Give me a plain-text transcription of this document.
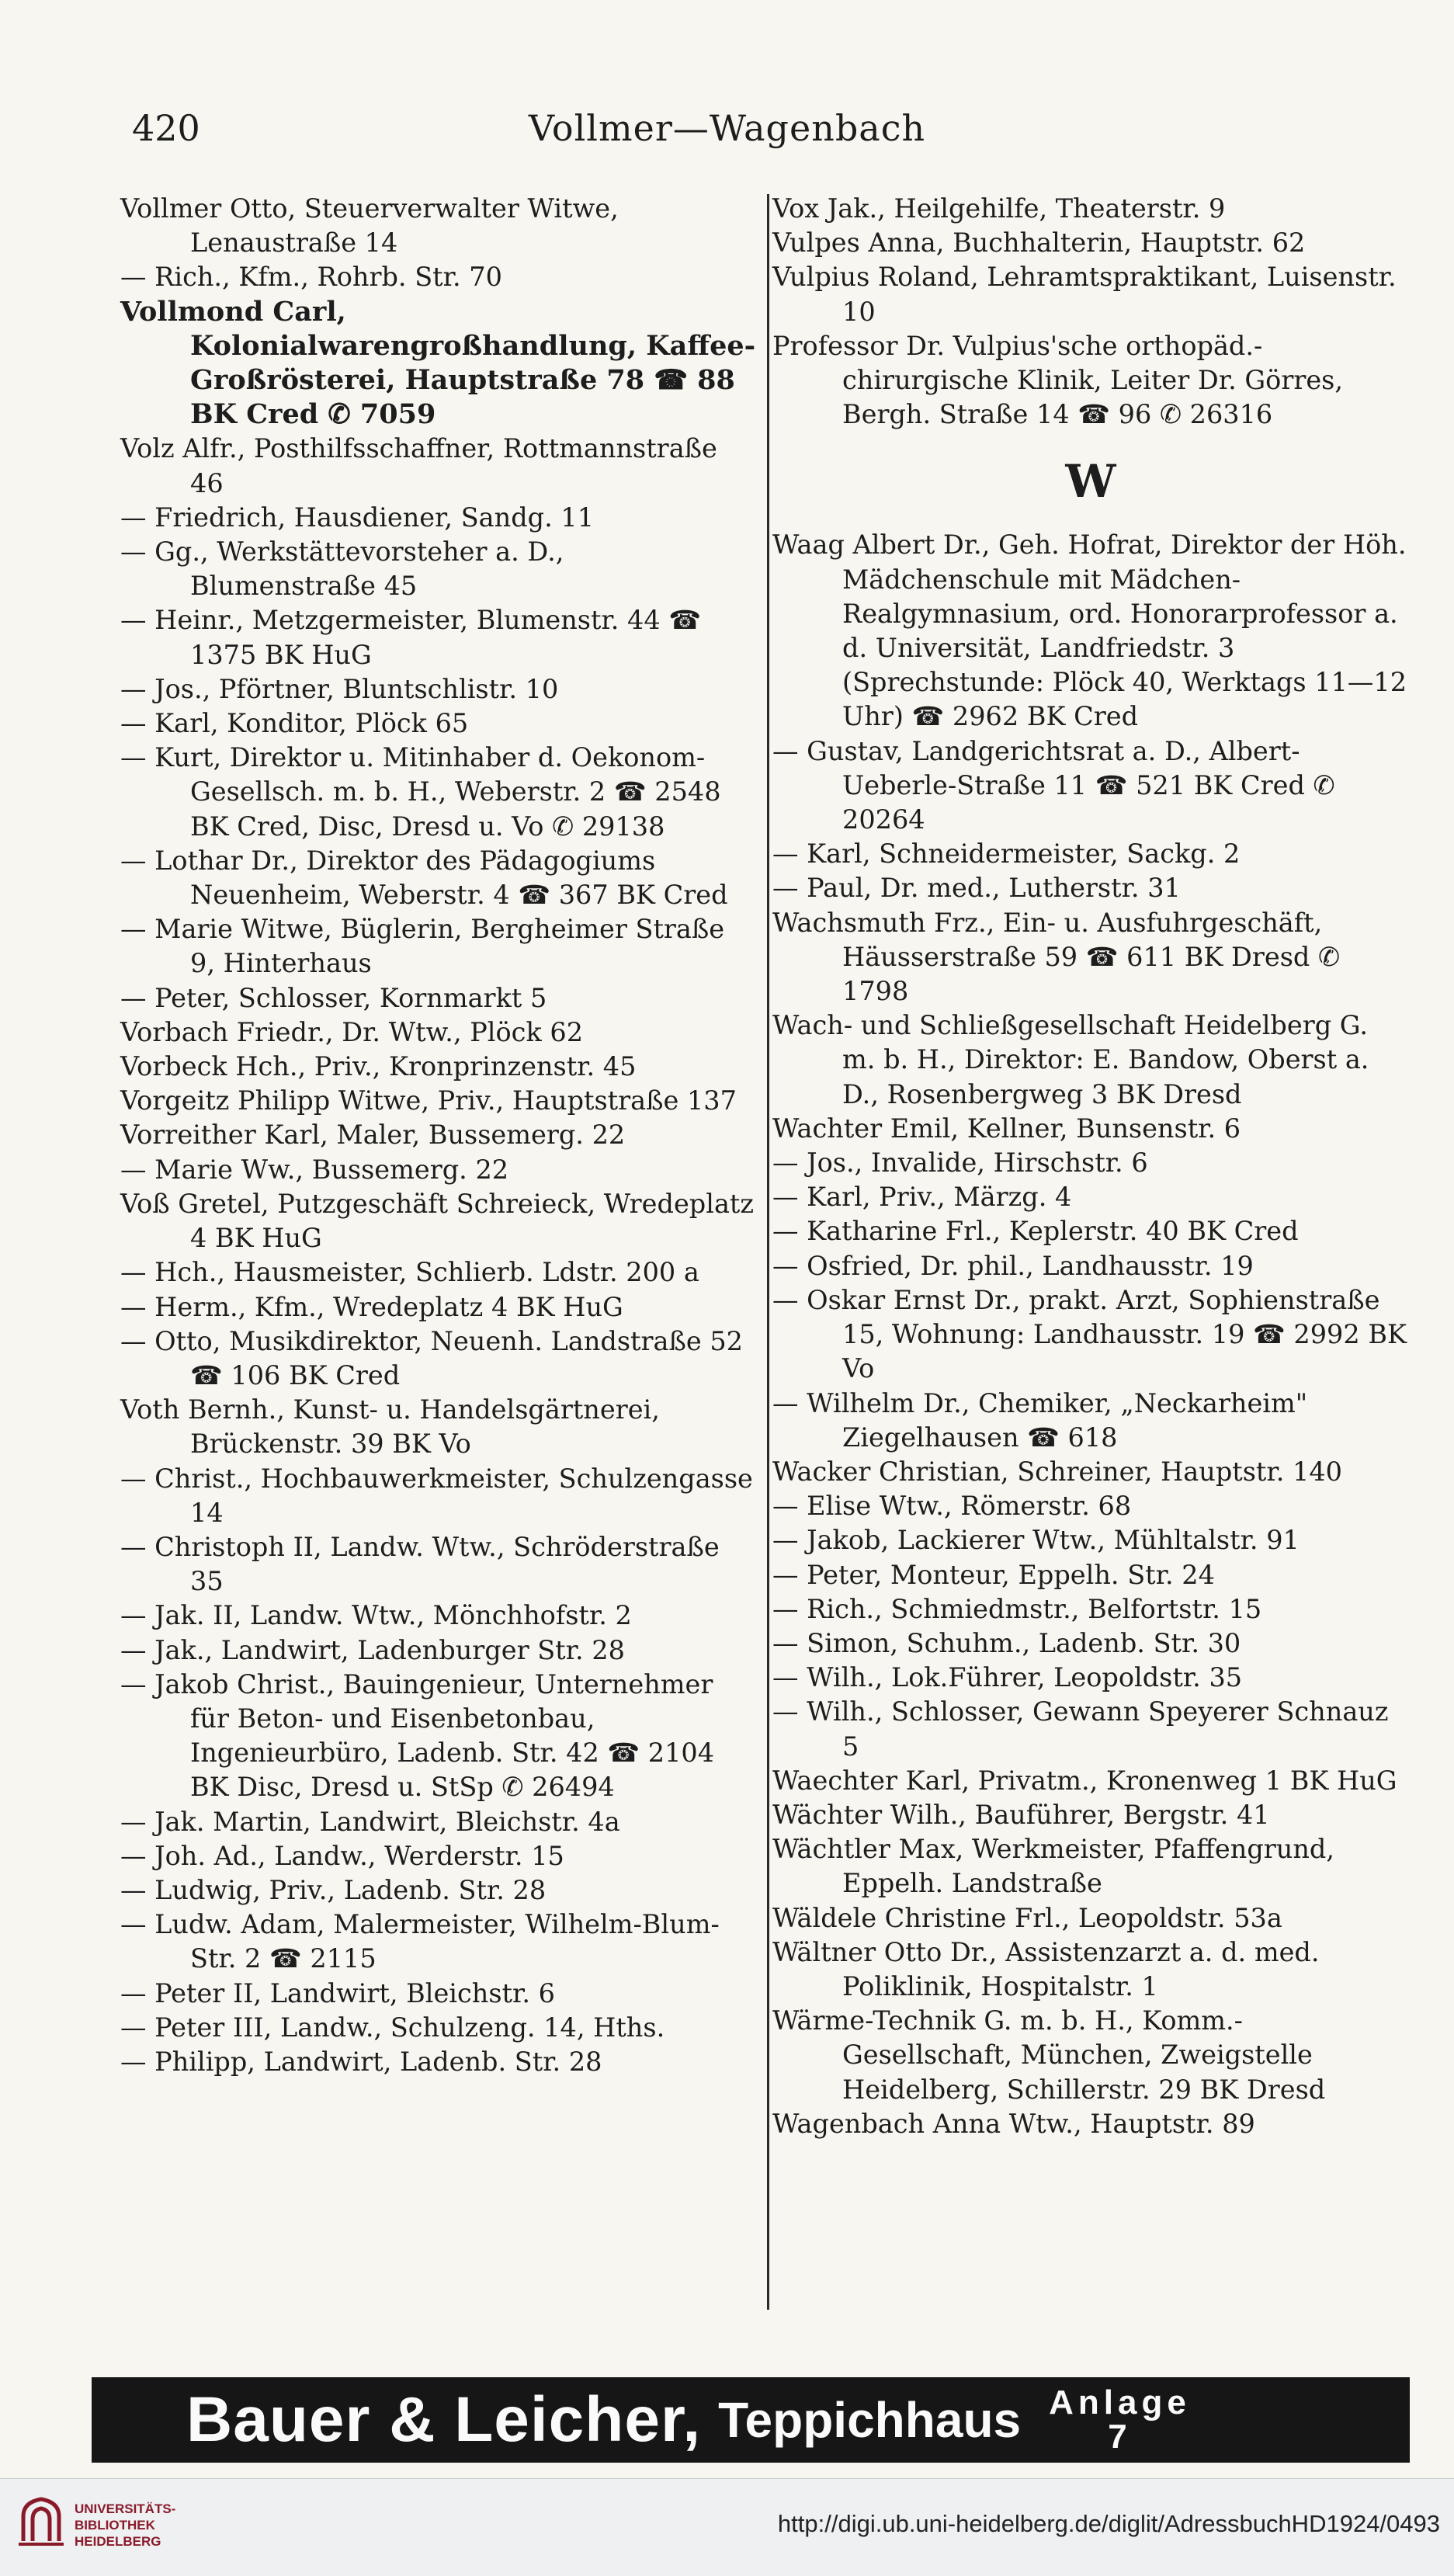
420	Vollmer—Wagenbach
Vollmer Otto, Steuerverwalter Witwe, Lenaustraße 14
— Rich., Kfm., Rohrb. Str. 70
Vollmond Carl, Kolonialwarengroßhandlung, Kaffee-Großrösterei, Hauptstraße 78 ☎ 88 BK Cred ✆ 7059
Volz Alfr., Posthilfsschaffner, Rottmannstraße 46
— Friedrich, Hausdiener, Sandg. 11
— Gg., Werkstättevorsteher a. D., Blumenstraße 45
— Heinr., Metzgermeister, Blumenstr. 44 ☎ 1375 BK HuG
— Jos., Pförtner, Bluntschlistr. 10
— Karl, Konditor, Plöck 65
— Kurt, Direktor u. Mitinhaber d. Oekonom-Gesellsch. m. b. H., Weberstr. 2 ☎ 2548 BK Cred, Disc, Dresd u. Vo ✆ 29138
— Lothar Dr., Direktor des Pädagogiums Neuenheim, Weberstr. 4 ☎ 367 BK Cred
— Marie Witwe, Büglerin, Bergheimer Straße 9, Hinterhaus
— Peter, Schlosser, Kornmarkt 5
Vorbach Friedr., Dr. Wtw., Plöck 62
Vorbeck Hch., Priv., Kronprinzenstr. 45
Vorgeitz Philipp Witwe, Priv., Hauptstraße 137
Vorreither Karl, Maler, Bussemerg. 22
— Marie Ww., Bussemerg. 22
Voß Gretel, Putzgeschäft Schreieck, Wredeplatz 4 BK HuG
— Hch., Hausmeister, Schlierb. Ldstr. 200 a
— Herm., Kfm., Wredeplatz 4 BK HuG
— Otto, Musikdirektor, Neuenh. Landstraße 52 ☎ 106 BK Cred
Voth Bernh., Kunst- u. Handelsgärtnerei, Brückenstr. 39 BK Vo
— Christ., Hochbauwerkmeister, Schulzengasse 14
— Christoph II, Landw. Wtw., Schröderstraße 35
— Jak. II, Landw. Wtw., Mönchhofstr. 2
— Jak., Landwirt, Ladenburger Str. 28
— Jakob Christ., Bauingenieur, Unternehmer für Beton- und Eisenbetonbau, Ingenieurbüro, Ladenb. Str. 42 ☎ 2104 BK Disc, Dresd u. StSp ✆ 26494
— Jak. Martin, Landwirt, Bleichstr. 4a
— Joh. Ad., Landw., Werderstr. 15
— Ludwig, Priv., Ladenb. Str. 28
— Ludw. Adam, Malermeister, Wilhelm-Blum-Str. 2 ☎ 2115
— Peter II, Landwirt, Bleichstr. 6
— Peter III, Landw., Schulzeng. 14, Hths.
— Philipp, Landwirt, Ladenb. Str. 28
Vox Jak., Heilgehilfe, Theaterstr. 9
Vulpes Anna, Buchhalterin, Hauptstr. 62
Vulpius Roland, Lehramtspraktikant, Luisenstr. 10
Professor Dr. Vulpius'sche orthopäd.-chirurgische Klinik, Leiter Dr. Görres, Bergh. Straße 14 ☎ 96 ✆ 26316
W
Waag Albert Dr., Geh. Hofrat, Direktor der Höh. Mädchenschule mit Mädchen-Realgymnasium, ord. Honorarprofessor a. d. Universität, Landfriedstr. 3 (Sprechstunde: Plöck 40, Werktags 11—12 Uhr) ☎ 2962 BK Cred
— Gustav, Landgerichtsrat a. D., Albert-Ueberle-Straße 11 ☎ 521 BK Cred ✆ 20264
— Karl, Schneidermeister, Sackg. 2
— Paul, Dr. med., Lutherstr. 31
Wachsmuth Frz., Ein- u. Ausfuhrgeschäft, Häusserstraße 59 ☎ 611 BK Dresd ✆ 1798
Wach- und Schließgesellschaft Heidelberg G. m. b. H., Direktor: E. Bandow, Oberst a. D., Rosenbergweg 3 BK Dresd
Wachter Emil, Kellner, Bunsenstr. 6
— Jos., Invalide, Hirschstr. 6
— Karl, Priv., Märzg. 4
— Katharine Frl., Keplerstr. 40 BK Cred
— Osfried, Dr. phil., Landhausstr. 19
— Oskar Ernst Dr., prakt. Arzt, Sophienstraße 15, Wohnung: Landhausstr. 19 ☎ 2992 BK Vo
— Wilhelm Dr., Chemiker, „Neckarheim" Ziegelhausen ☎ 618
Wacker Christian, Schreiner, Hauptstr. 140
— Elise Wtw., Römerstr. 68
— Jakob, Lackierer Wtw., Mühltalstr. 91
— Peter, Monteur, Eppelh. Str. 24
— Rich., Schmiedmstr., Belfortstr. 15
— Simon, Schuhm., Ladenb. Str. 30
— Wilh., Lok.Führer, Leopoldstr. 35
— Wilh., Schlosser, Gewann Speyerer Schnauz 5
Waechter Karl, Privatm., Kronenweg 1 BK HuG
Wächter Wilh., Bauführer, Bergstr. 41
Wächtler Max, Werkmeister, Pfaffengrund, Eppelh. Landstraße
Wäldele Christine Frl., Leopoldstr. 53a
Wältner Otto Dr., Assistenzarzt a. d. med. Poliklinik, Hospitalstr. 1
Wärme-Technik G. m. b. H., Komm.-Gesellschaft, München, Zweigstelle Heidelberg, Schillerstr. 29 BK Dresd
Wagenbach Anna Wtw., Hauptstr. 89
Bauer & Leicher, Teppichhaus Anlage
7
UNIVERSITÄTS-
BIBLIOTHEK
HEIDELBERG
http://digi.ub.uni-heidelberg.de/diglit/AdressbuchHD1924/0493
